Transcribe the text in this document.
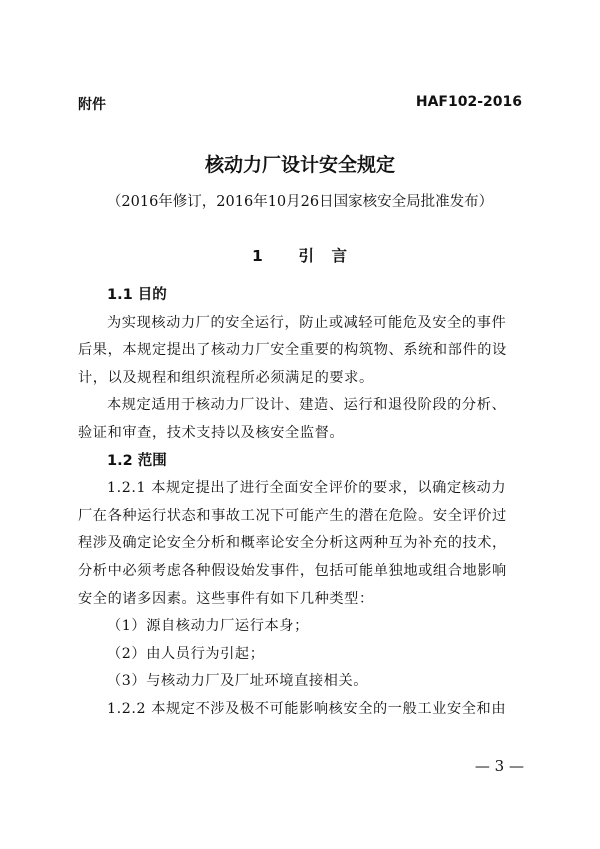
附件	HAF102-2016
核动力厂设计安全规定
（2016年修订，2016年10月26日国家核安全局批准发布）
1 引　言
1.1 目的
为实现核动力厂的安全运行，防止或减轻可能危及安全的事件
后果，本规定提出了核动力厂安全重要的构筑物、系统和部件的设
计，以及规程和组织流程所必须满足的要求。
本规定适用于核动力厂设计、建造、运行和退役阶段的分析、
验证和审查，技术支持以及核安全监督。
1.2 范围
1.2.1 本规定提出了进行全面安全评价的要求，以确定核动力
厂在各种运行状态和事故工况下可能产生的潜在危险。安全评价过
程涉及确定论安全分析和概率论安全分析这两种互为补充的技术，
分析中必须考虑各种假设始发事件，包括可能单独地或组合地影响
安全的诸多因素。这些事件有如下几种类型：
（1）源自核动力厂运行本身；
（2）由人员行为引起；
（3）与核动力厂及厂址环境直接相关。
1.2.2 本规定不涉及极不可能影响核安全的一般工业安全和由
— 3 —
